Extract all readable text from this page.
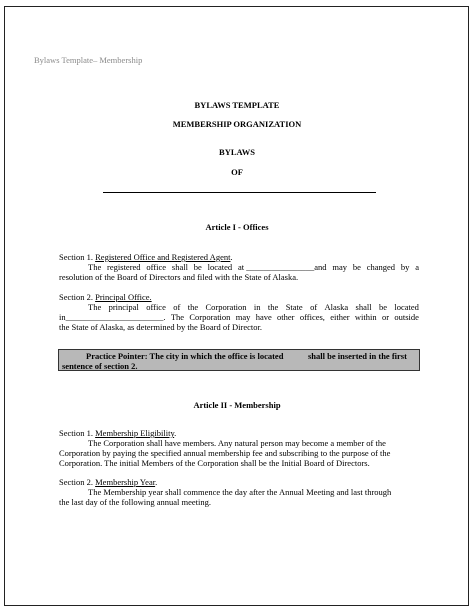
Bylaws Template– Membership
BYLAWS TEMPLATE
MEMBERSHIP ORGANIZATION
BYLAWS
OF
Article I - Offices
Section 1. Registered Office and Registered Agent.
The registered office shall be located at ________________and may be changed by a
resolution of the Board of Directors and filed with the State of Alaska.
Section 2. Principal Office.
The principal office of the Corporation in the State of Alaska shall be located
in_______________________. The Corporation may have other offices, either within or outside
the State of Alaska, as determined by the Board of Director.
Practice Pointer: The city in which the office is located	shall be inserted in the first
sentence of section 2.
Article II - Membership
Section 1. Membership Eligibility.
The Corporation shall have members. Any natural person may become a member of the
Corporation by paying the specified annual membership fee and subscribing to the purpose of the
Corporation. The initial Members of the Corporation shall be the Initial Board of Directors.
Section 2. Membership Year.
The Membership year shall commence the day after the Annual Meeting and last through
the last day of the following annual meeting.
